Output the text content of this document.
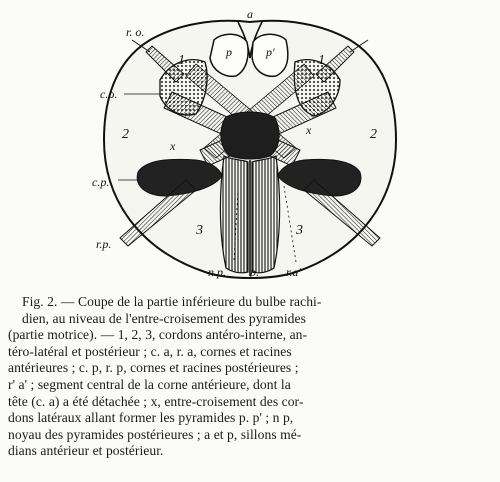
a
r. o.
p	p'
c.o.
c.p.
r.p.
n.p. p. r.a'
x
x
1	1
2	2
3	3
Fig. 2. — Coupe de la partie inférieure du bulbe rachi-
dien, au niveau de l'entre-croisement des pyramides
(partie motrice). — 1, 2, 3, cordons antéro-interne, an-
téro-latéral et postérieur ; c. a, r. a, cornes et racines
antérieures ; c. p, r. p, cornes et racines postérieures ;
r' a' ; segment central de la corne antérieure, dont la
tête (c. a) a été détachée ; x, entre-croisement des cor-
dons latéraux allant former les pyramides p. p' ; n p,
noyau des pyramides postérieures ; a et p, sillons mé-
dians antérieur et postérieur.
